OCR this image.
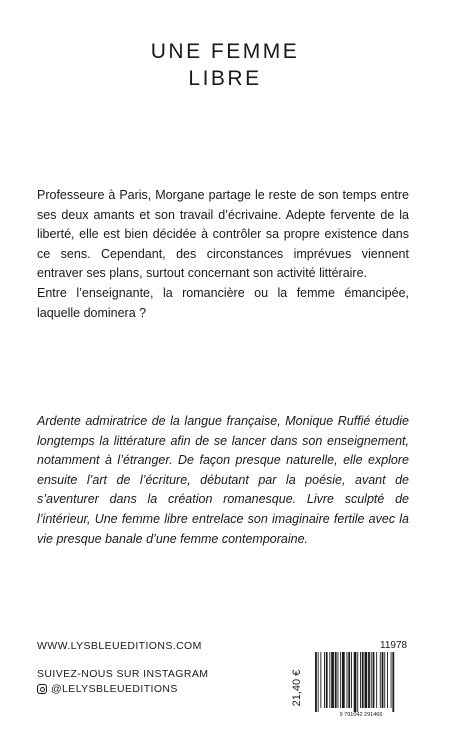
UNE FEMME
LIBRE

Professeure à Paris, Morgane partage le reste de son temps entre ses deux amants et son travail d’écrivaine. Adepte fervente de la liberté, elle est bien décidée à contrôler sa propre existence dans ce sens. Cependant, des circonstances imprévues viennent entraver ses plans, surtout concernant son activité littéraire.

Entre l’enseignante, la romancière ou la femme émancipée, laquelle dominera ?

Ardente admiratrice de la langue française, Monique Ruffié étudie longtemps la littérature afin de se lancer dans son enseignement, notamment à l’étranger. De façon presque naturelle, elle explore ensuite l’art de l’écriture, débutant par la poésie, avant de s’aventurer dans la création romanesque. Livre sculpté de l’intérieur, Une femme libre entrelace son imaginaire fertile avec la vie presque banale d’une femme contemporaine.
WWW.LYSBLEUEDITIONS.COM
SUIVEZ-NOUS SUR INSTAGRAM
@LELYSBLEUEDITIONS
11978
21,40 €
9 791042 291466
